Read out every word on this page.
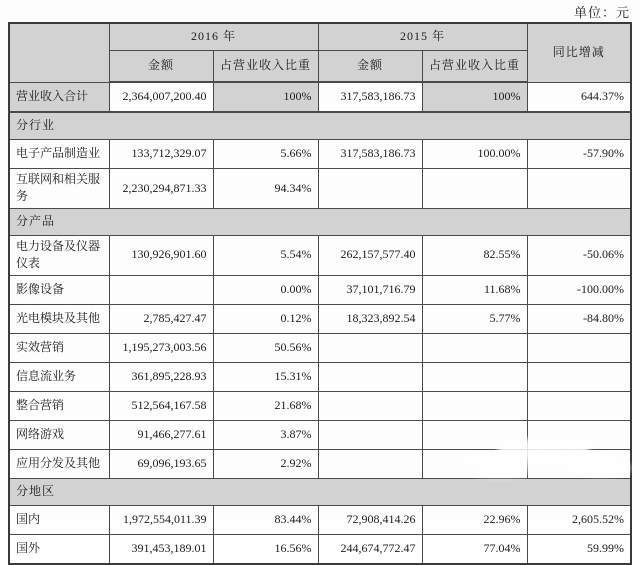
单位：元
	2016 年		2015 年		同比增减
	金额	占营业收入比重	金额	占营业收入比重	
营业收入合计	2,364,007,200.40	100%	317,583,186.73	100%	644.37%
分行业					
电子产品制造业	133,712,329.07	5.66%	317,583,186.73	100.00%	-57.90%
互联网和相关服务	2,230,294,871.33	94.34%			
分产品					
电力设备及仪器仪表	130,926,901.60	5.54%	262,157,577.40	82.55%	-50.06%
影像设备		0.00%	37,101,716.79	11.68%	-100.00%
光电模块及其他	2,785,427.47	0.12%	18,323,892.54	5.77%	-84.80%
实效营销	1,195,273,003.56	50.56%			
信息流业务	361,895,228.93	15.31%			
整合营销	512,564,167.58	21.68%			
网络游戏	91,466,277.61	3.87%			
应用分发及其他	69,096,193.65	2.92%			
分地区					
国内	1,972,554,011.39	83.44%	72,908,414.26	22.96%	2,605.52%
国外	391,453,189.01	16.56%	244,674,772.47	77.04%	59.99%
